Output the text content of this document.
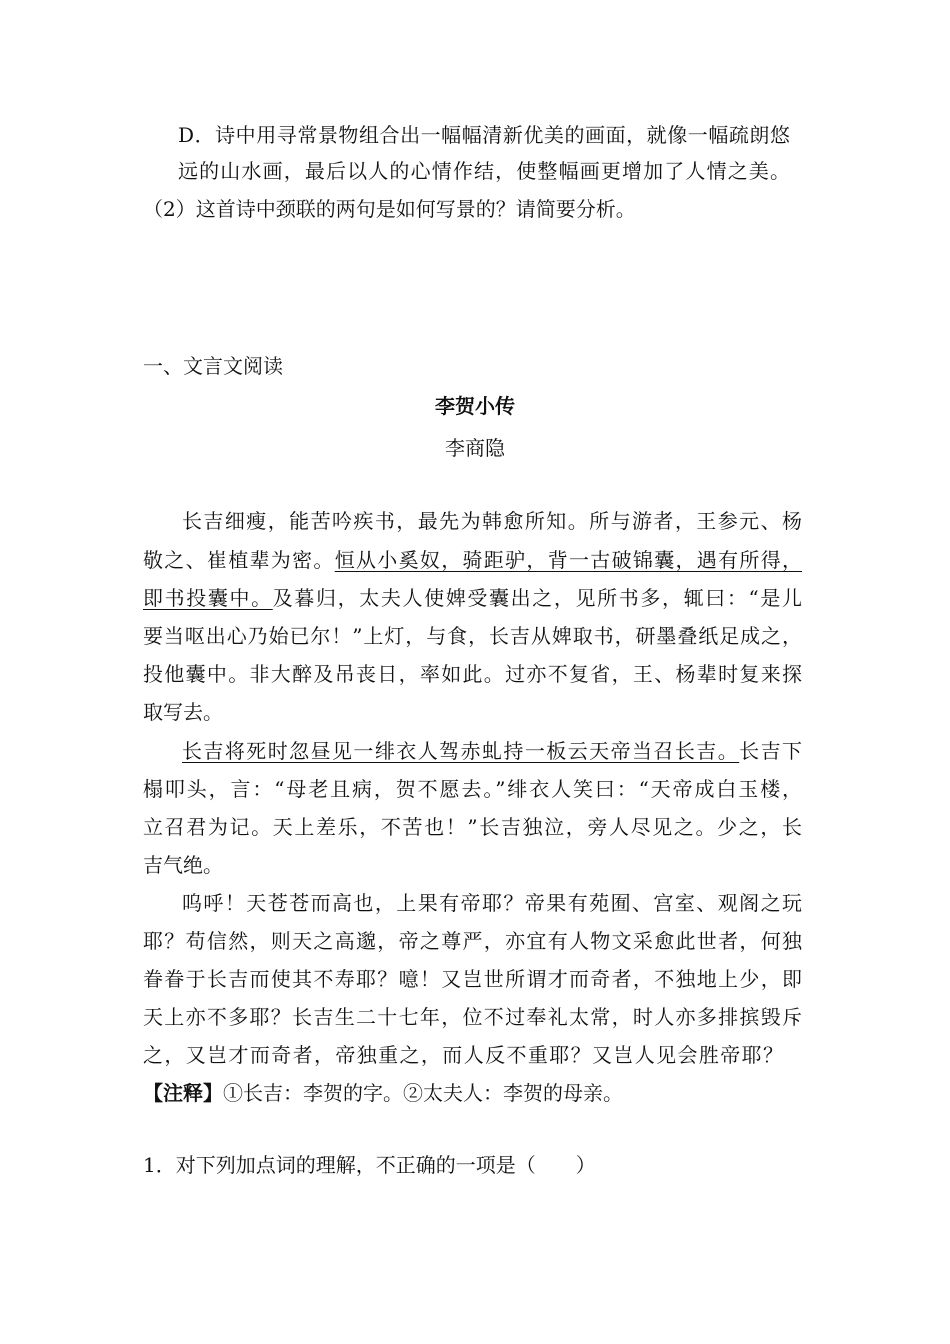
D．诗中用寻常景物组合出一幅幅清新优美的画面，就像一幅疏朗悠
远的山水画，最后以人的心情作结，使整幅画更增加了人情之美。
（2）这首诗中颈联的两句是如何写景的？请简要分析。
一、文言文阅读
李贺小传
李商隐
长吉细瘦，能苦吟疾书，最先为韩愈所知。所与游者，王参元、杨
敬之、崔植辈为密。恒从小奚奴，骑距驴，背一古破锦囊，遇有所得，
即书投囊中。及暮归，太夫人使婢受囊出之，见所书多，辄曰：“是儿
要当呕出心乃始已尔！”上灯，与食，长吉从婢取书，研墨叠纸足成之，
投他囊中。非大醉及吊丧日，率如此。过亦不复省，王、杨辈时复来探
取写去。
长吉将死时忽昼见一绯衣人驾赤虬持一板云天帝当召长吉。长吉下
榻叩头，言：“母老且病，贺不愿去。”绯衣人笑曰：“天帝成白玉楼，
立召君为记。天上差乐，不苦也！”长吉独泣，旁人尽见之。少之，长
吉气绝。
呜呼！天苍苍而高也，上果有帝耶？帝果有苑囿、宫室、观阁之玩
耶？苟信然，则天之高邈，帝之尊严，亦宜有人物文采愈此世者，何独
眷眷于长吉而使其不寿耶？噫！又岂世所谓才而奇者，不独地上少，即
天上亦不多耶？长吉生二十七年，位不过奉礼太常，时人亦多排摈毁斥
之，又岂才而奇者，帝独重之，而人反不重耶？又岂人见会胜帝耶？
【注释】①长吉：李贺的字。②太夫人：李贺的母亲。
1．对下列加点词的理解，不正确的一项是（　　）
